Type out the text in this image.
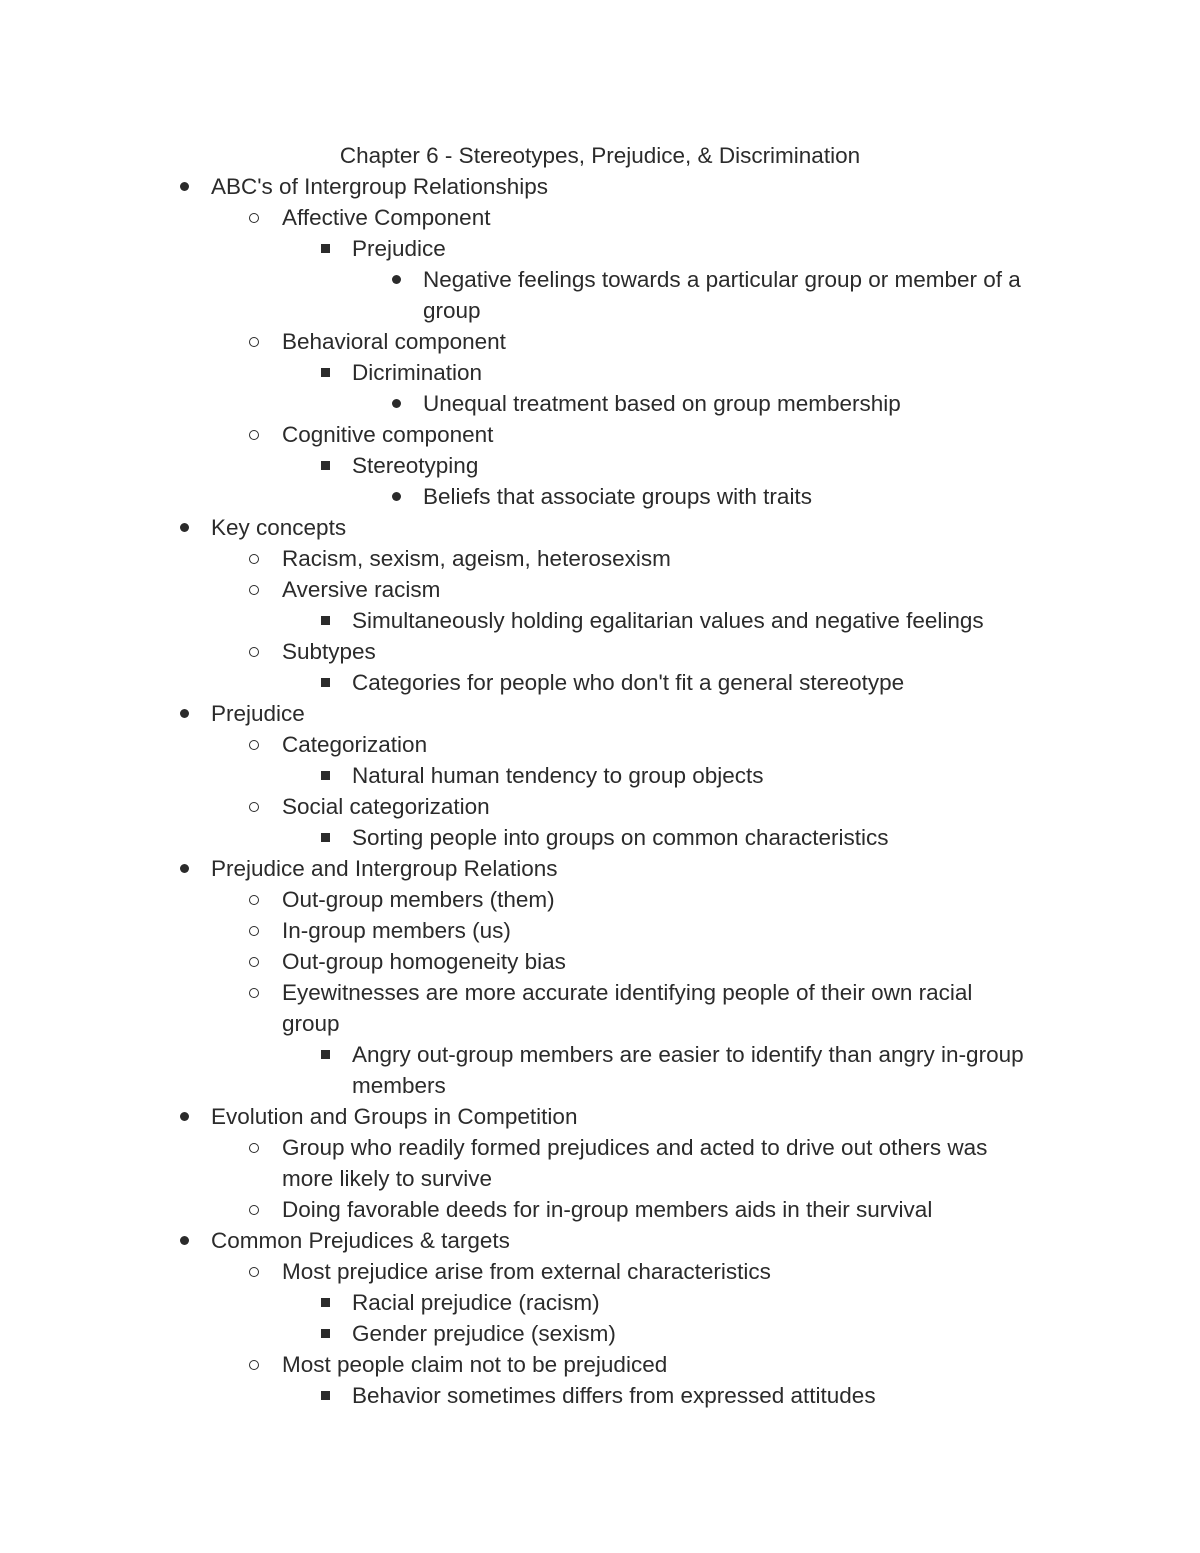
Chapter 6 - Stereotypes, Prejudice, & Discrimination
ABC's of Intergroup Relationships
Affective Component
Prejudice
Negative feelings towards a particular group or member of a group
Behavioral component
Dicrimination
Unequal treatment based on group membership
Cognitive component
Stereotyping
Beliefs that associate groups with traits
Key concepts
Racism, sexism, ageism, heterosexism
Aversive racism
Simultaneously holding egalitarian values and negative feelings
Subtypes
Categories for people who don't fit a general stereotype
Prejudice
Categorization
Natural human tendency to group objects
Social categorization
Sorting people into groups on common characteristics
Prejudice and Intergroup Relations
Out-group members (them)
In-group members (us)
Out-group homogeneity bias
Eyewitnesses are more accurate identifying people of their own racial group
Angry out-group members are easier to identify than angry in-group members
Evolution and Groups in Competition
Group who readily formed prejudices and acted to drive out others was more likely to survive
Doing favorable deeds for in-group members aids in their survival
Common Prejudices & targets
Most prejudice arise from external characteristics
Racial prejudice (racism)
Gender prejudice (sexism)
Most people claim not to be prejudiced
Behavior sometimes differs from expressed attitudes
